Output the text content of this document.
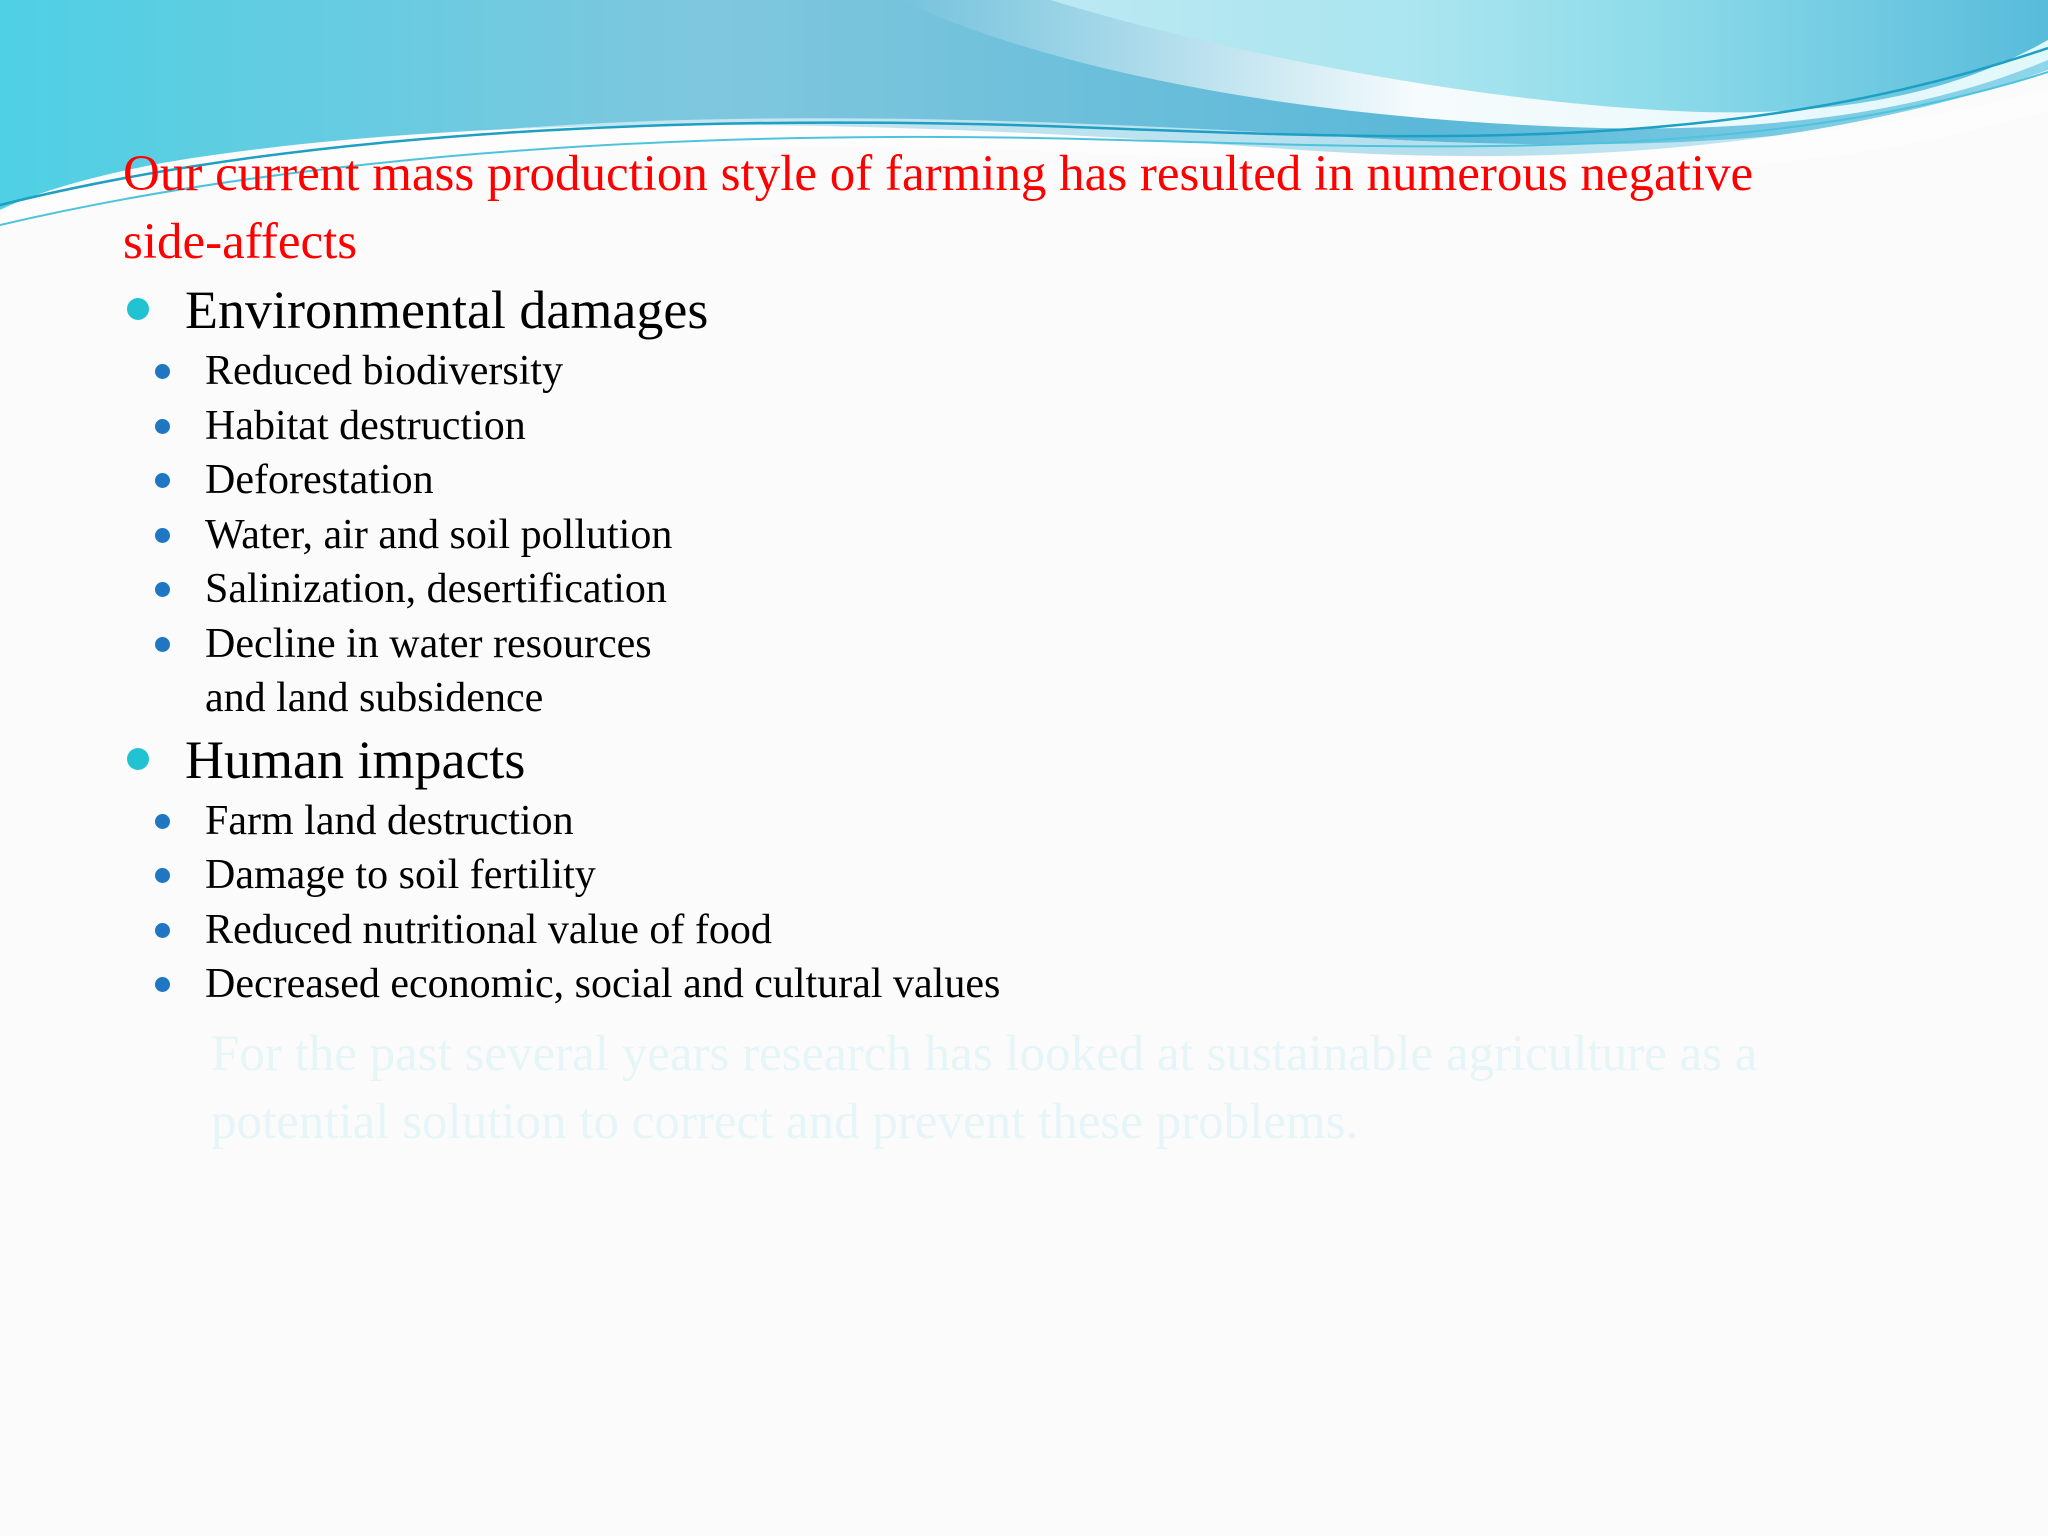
Our current mass production style of farming has resulted in numerous negative side-affects

Environmental damages
Reduced biodiversity
Habitat destruction
Deforestation
Water, air and soil pollution
Salinization, desertification
Decline in water resources
and land subsidence
Human impacts
Farm land destruction
Damage to soil fertility
Reduced nutritional value of food
Decreased economic, social and cultural values

For the past several years research has looked at sustainable agriculture as a potential solution to correct and prevent these problems.
